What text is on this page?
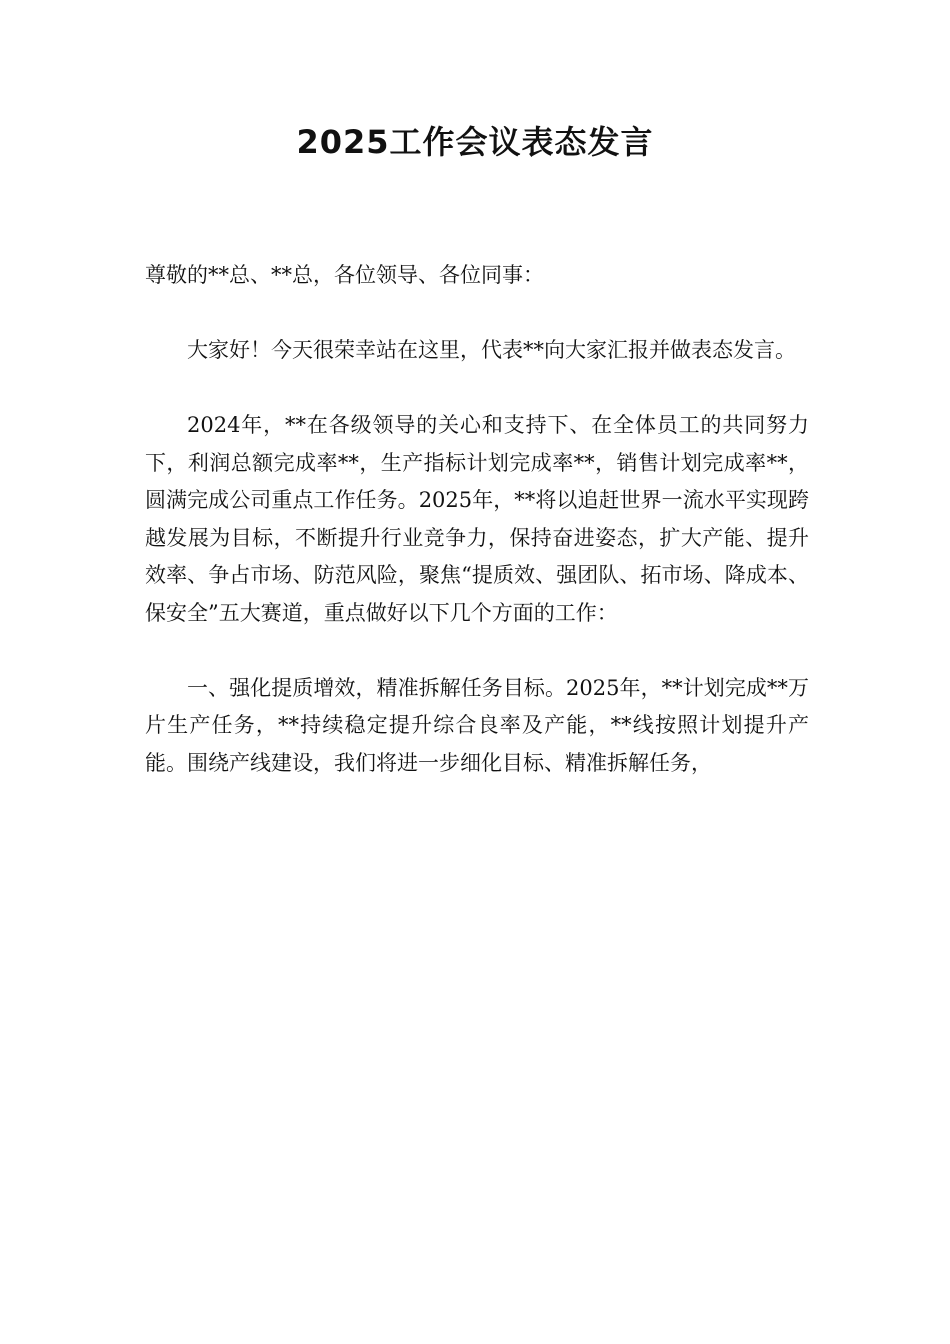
2025工作会议表态发言

尊敬的**总、**总，各位领导、各位同事：

大家好！今天很荣幸站在这里，代表**向大家汇报并做表态发言。

2024年，**在各级领导的关心和支持下、在全体员工的共同努力下，利润总额完成率**，生产指标计划完成率**，销售计划完成率**，圆满完成公司重点工作任务。2025年，**将以追赶世界一流水平实现跨越发展为目标，不断提升行业竞争力，保持奋进姿态，扩大产能、提升效率、争占市场、防范风险，聚焦“提质效、强团队、拓市场、降成本、保安全”五大赛道，重点做好以下几个方面的工作：

一、强化提质增效，精准拆解任务目标。2025年，**计划完成**万片生产任务，**持续稳定提升综合良率及产能，**线按照计划提升产能。围绕产线建设，我们将进一步细化目标、精准拆解任务，
